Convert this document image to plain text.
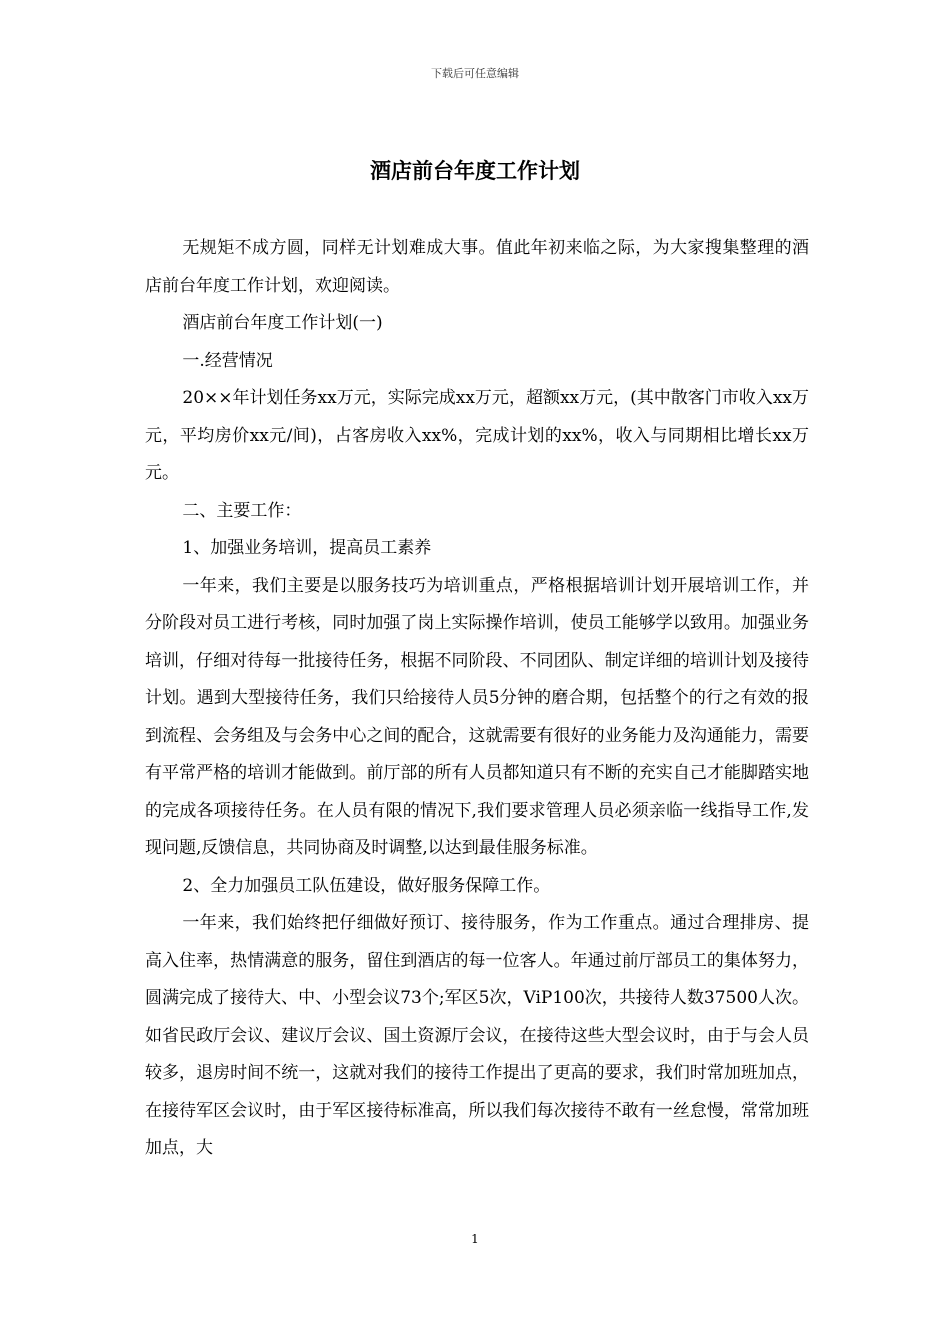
下载后可任意编辑
酒店前台年度工作计划

无规矩不成方圆，同样无计划难成大事。值此年初来临之际，为大家搜集整理的酒店前台年度工作计划，欢迎阅读。

酒店前台年度工作计划(一)

一.经营情况

20××年计划任务xx万元，实际完成xx万元，超额xx万元，(其中散客门市收入xx万元，平均房价xx元/间)，占客房收入xx%，完成计划的xx%，收入与同期相比增长xx万元。

二、主要工作：

1、加强业务培训，提高员工素养

一年来，我们主要是以服务技巧为培训重点，严格根据培训计划开展培训工作，并分阶段对员工进行考核，同时加强了岗上实际操作培训，使员工能够学以致用。加强业务培训，仔细对待每一批接待任务，根据不同阶段、不同团队、制定详细的培训计划及接待计划。遇到大型接待任务，我们只给接待人员5分钟的磨合期，包括整个的行之有效的报到流程、会务组及与会务中心之间的配合，这就需要有很好的业务能力及沟通能力，需要有平常严格的培训才能做到。前厅部的所有人员都知道只有不断的充实自己才能脚踏实地的完成各项接待任务。在人员有限的情况下,我们要求管理人员必须亲临一线指导工作,发现问题,反馈信息，共同协商及时调整,以达到最佳服务标准。

2、全力加强员工队伍建设，做好服务保障工作。

一年来，我们始终把仔细做好预订、接待服务，作为工作重点。通过合理排房、提高入住率，热情满意的服务，留住到酒店的每一位客人。年通过前厅部员工的集体努力，圆满完成了接待大、中、小型会议73个;军区5次，ViP100次，共接待人数37500人次。如省民政厅会议、建议厅会议、国土资源厅会议，在接待这些大型会议时，由于与会人员较多，退房时间不统一，这就对我们的接待工作提出了更高的要求，我们时常加班加点，在接待军区会议时，由于军区接待标准高，所以我们每次接待不敢有一丝怠慢，常常加班加点，大

1
